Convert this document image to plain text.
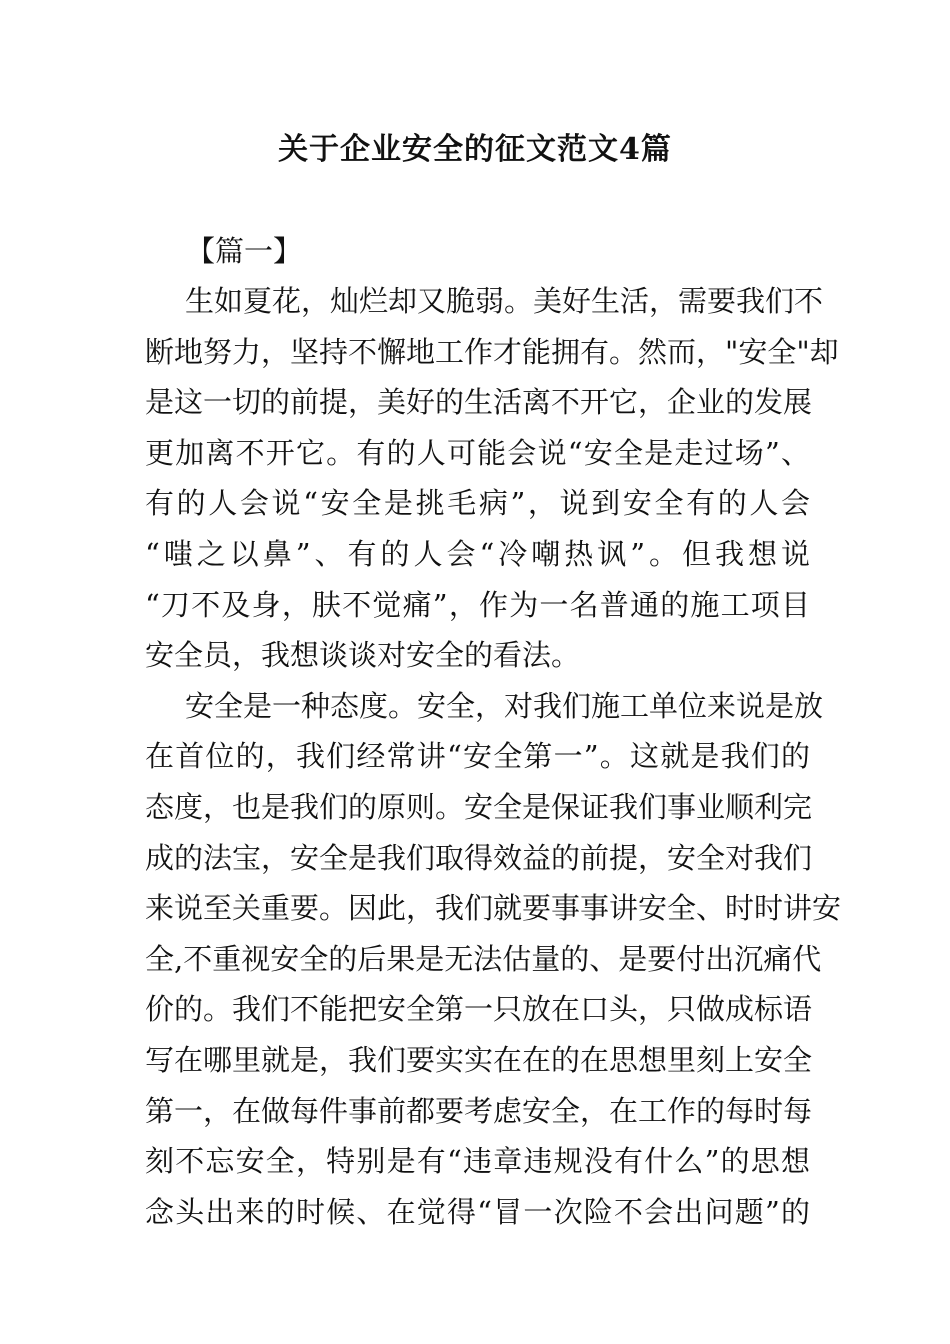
关于企业安全的征文范文4篇

【篇一】

生如夏花，灿烂却又脆弱。美好生活，需要我们不
断地努力，坚持不懈地工作才能拥有。然而，"安全"却
是这一切的前提，美好的生活离不开它，企业的发展
更加离不开它。有的人可能会说“安全是走过场”、
有的人会说“安全是挑毛病”，说到安全有的人会
“嗤之以鼻”、有的人会“冷嘲热讽”。但我想说
“刀不及身，肤不觉痛”，作为一名普通的施工项目
安全员，我想谈谈对安全的看法。

安全是一种态度。安全，对我们施工单位来说是放
在首位的，我们经常讲“安全第一”。这就是我们的
态度，也是我们的原则。安全是保证我们事业顺利完
成的法宝，安全是我们取得效益的前提，安全对我们
来说至关重要。因此，我们就要事事讲安全、时时讲安
全,不重视安全的后果是无法估量的、是要付出沉痛代
价的。我们不能把安全第一只放在口头，只做成标语
写在哪里就是，我们要实实在在的在思想里刻上安全
第一，在做每件事前都要考虑安全，在工作的每时每
刻不忘安全，特别是有“违章违规没有什么”的思想
念头出来的时候、在觉得“冒一次险不会出问题”的
